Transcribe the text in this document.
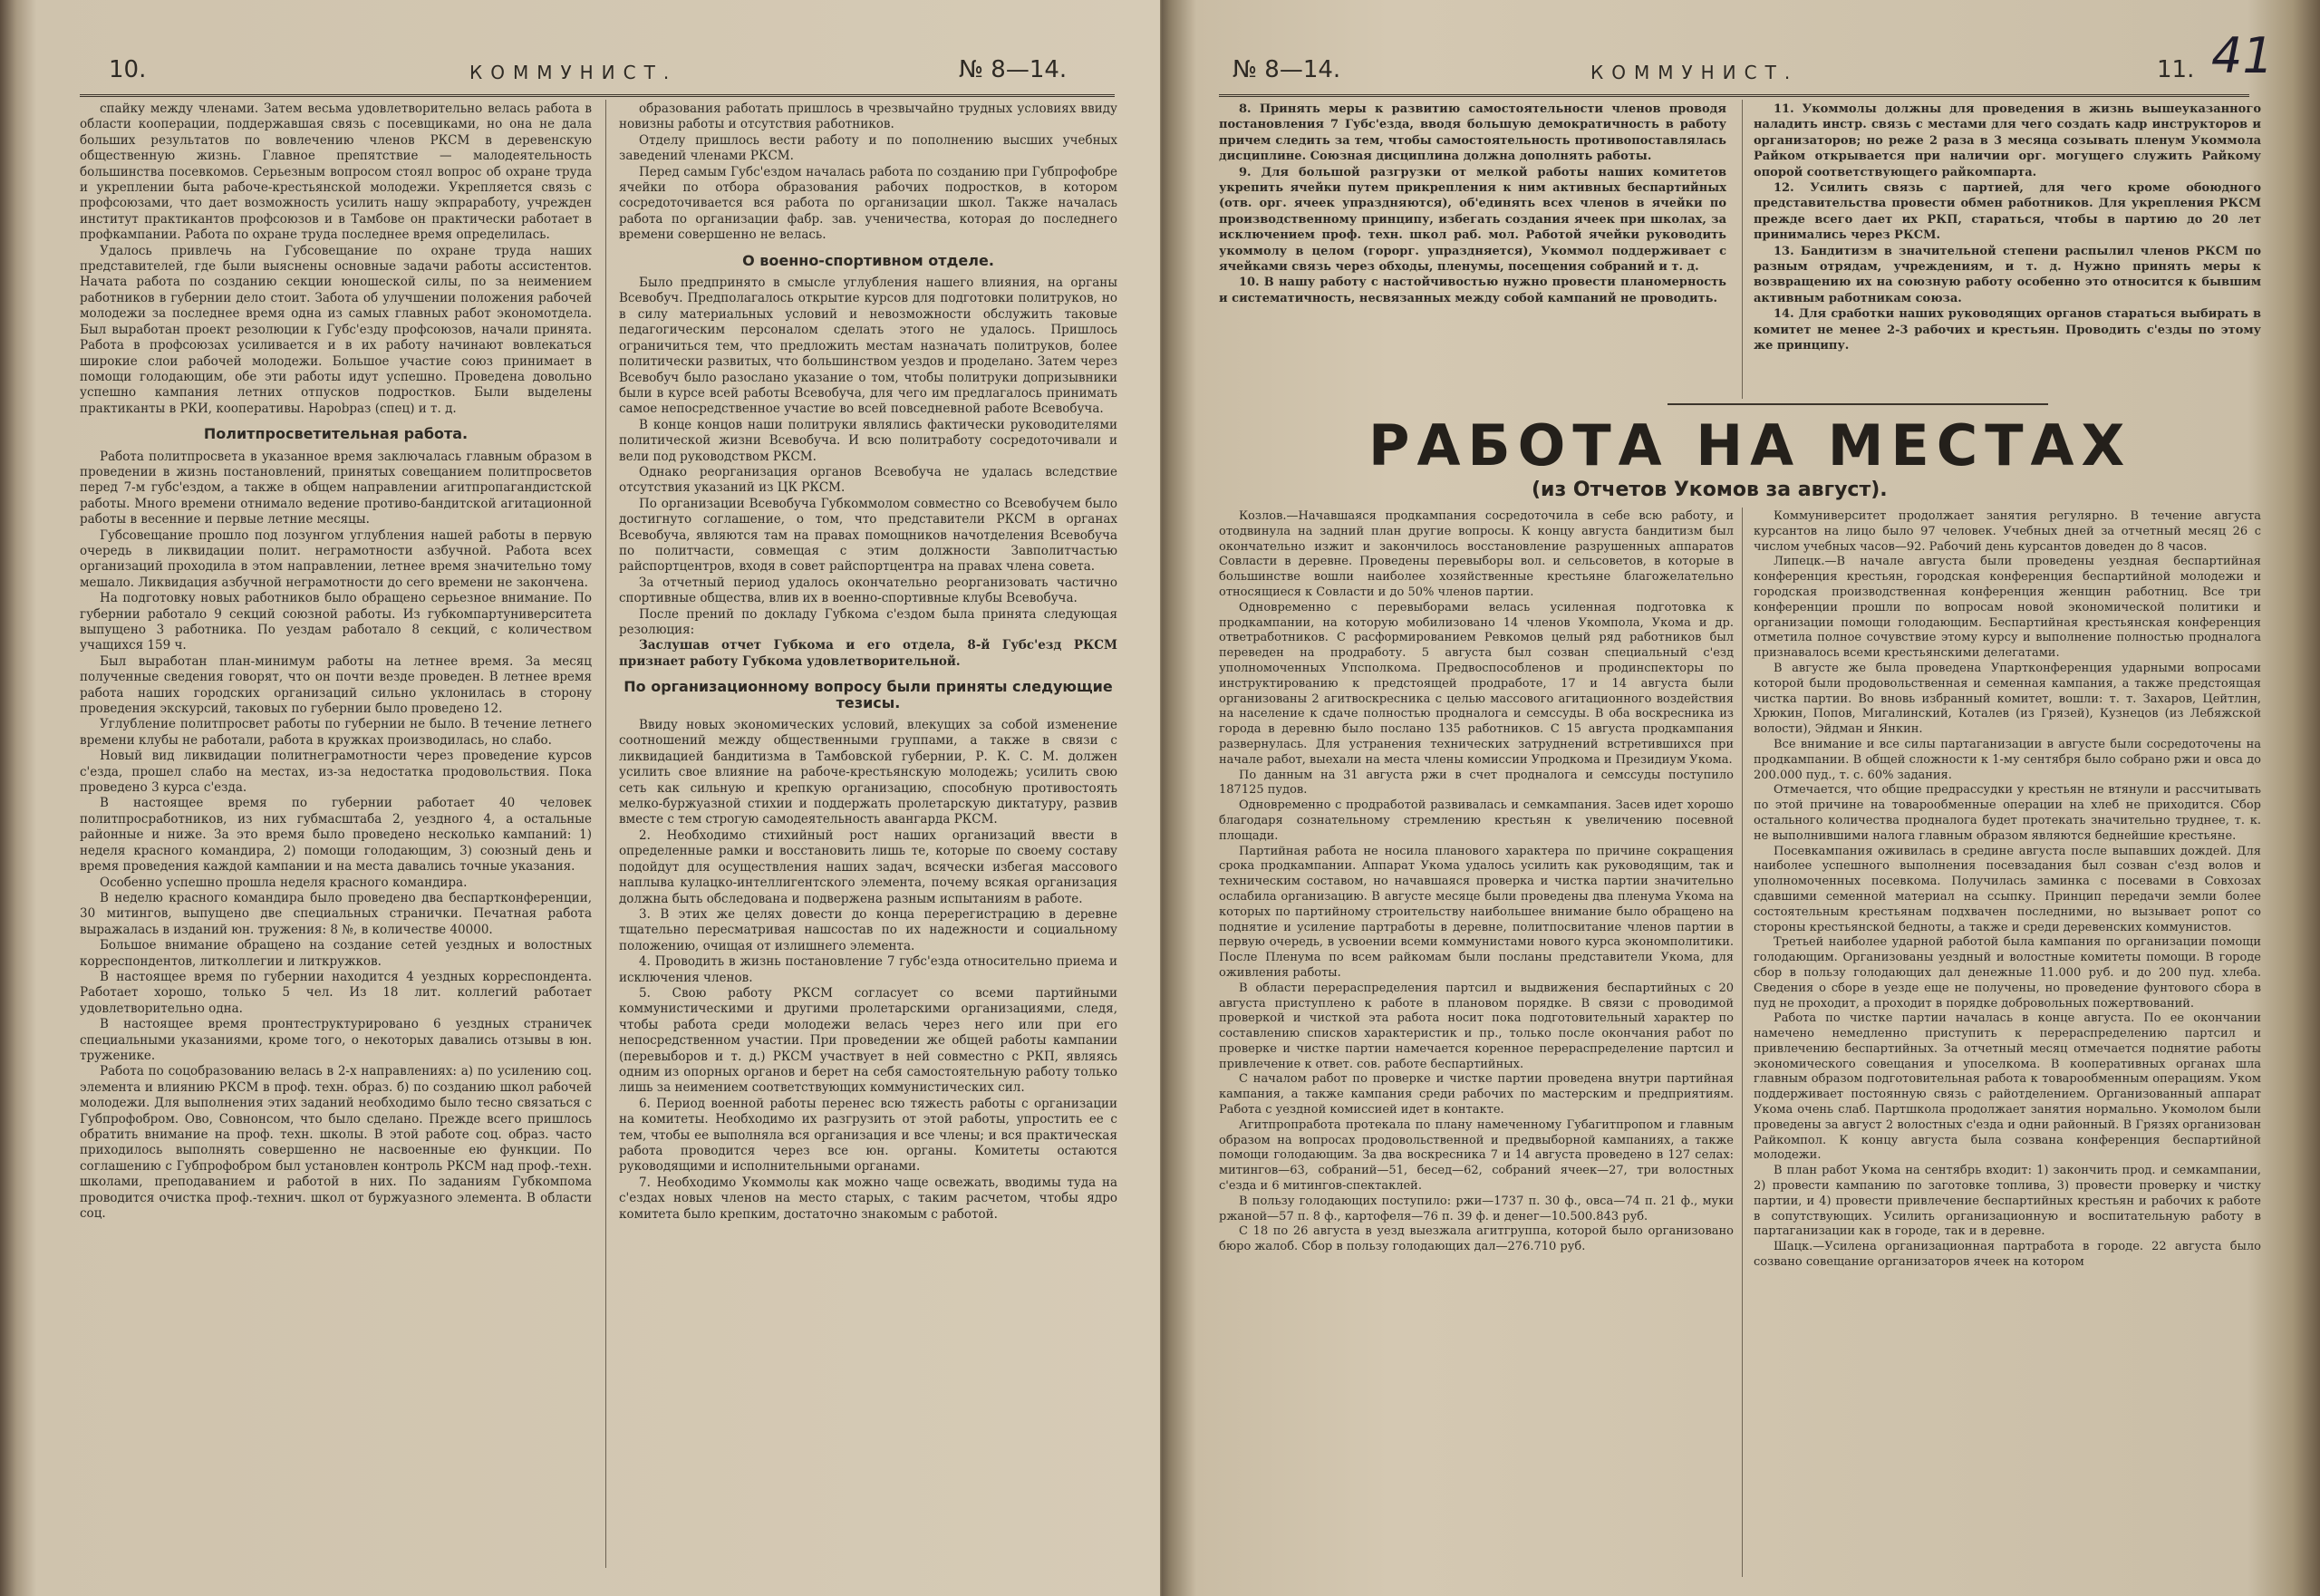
10.	КОММУНИСТ.	№ 8—14.

спайку между членами. Затем весьма удовлетворительно велась работа в области кооперации, поддержавшая связь с посевщиками, но она не дала больших результатов по вовлечению членов РКСМ в деревенскую общественную жизнь. Главное препятствие — малодеятельность большинства посевкомов. Серьезным вопросом стоял вопрос об охране труда и укреплении быта рабоче-крестьянской молодежи. Укрепляется связь с профсоюзами, что дает возможность усилить нашу экпраработу, учрежден институт практикантов профсоюзов и в Тамбове он практически работает в профкампании. Работа по охране труда последнее время определилась.

Удалось привлечь на Губсовещание по охране труда наших представителей, где были выяснены основные задачи работы ассистентов. Начата работа по созданию секции юношеской силы, по за неимением работников в губернии дело стоит. Забота об улучшении положения рабочей молодежи за последнее время одна из самых главных работ экономотдела. Был выработан проект резолюции к Губс'езду профсоюзов, начали принята. Работа в профсоюзах усиливается и в их работу начинают вовлекаться широкие слои рабочей молодежи. Большое участие союз принимает в помощи голодающим, обе эти работы идут успешно. Проведена довольно успешно кампания летних отпусков подростков. Были выделены практиканты в РКИ, кооперативы. Нарobраз (спец) и т. д.

Политпросветительная работа.

Работа политпросвета в указанное время заключалась главным образом в проведении в жизнь постановлений, принятых совещанием политпросветов перед 7-м губс'ездом, а также в общем направлении агитпропагандистской работы. Много времени отнимало ведение противо-бандитской агитационной работы в весенние и первые летние месяцы.

Губсовещание прошло под лозунгом углубления нашей работы в первую очередь в ликвидации полит. неграмотности азбучной. Работа всех организаций проходила в этом направлении, летнее время значительно тому мешало. Ликвидация азбучной неграмотности до сего времени не закончена.

На подготовку новых работников было обращено серьезное внимание. По губернии работало 9 секций союзной работы. Из губкомпартуниверситета выпущено 3 работника. По уездам работало 8 секций, с количеством учащихся 159 ч.

Был выработан план-минимум работы на летнее время. За месяц полученные сведения говорят, что он почти везде проведен. В летнее время работа наших городских организаций сильно уклонилась в сторону проведения экскурсий, таковых по губернии было проведено 12.

Углубление политпросвет работы по губернии не было. В течение летнего времени клубы не работали, работа в кружках производилась, но слабо.

Новый вид ликвидации политнеграмотности через проведение курсов с'езда, прошел слабо на местах, из-за недостатка продовольствия. Пока проведено 3 курса с'езда.

В настоящее время по губернии работает 40 человек политпросработников, из них губмасштаба 2, уездного 4, а остальные районные и ниже. За это время было проведено несколько кампаний: 1) неделя красного командира, 2) помощи голодающим, 3) союзный день и время проведения каждой кампании и на места давались точные указания.

Особенно успешно прошла неделя красного командира.

В неделю красного командира было проведено два беспартконференции, 30 митингов, выпущено две специальных странички. Печатная работа выражалась в изданий юн. тружения: 8 №, в количестве 40000.

Большое внимание обращено на создание сетей уездных и волостных корреспондентов, литколлегии и литкружков.

В настоящее время по губернии находится 4 уездных корреспондента. Работает хорошо, только 5 чел. Из 18 лит. коллегий работает удовлетворительно одна.

В настоящее время пронтеструктурировано 6 уездных страничек специальными указаниями, кроме того, о некоторых давались отзывы в юн. труженике.

Работа по соцобразованию велась в 2-х направлениях: а) по усилению соц. элемента и влиянию РКСМ в проф. техн. образ. б) по созданию школ рабочей молодежи. Для выполнения этих заданий необходимо было тесно связаться с Губпрофобром. Ово, Совнонсом, что было сделано. Прежде всего пришлось обратить внимание на проф. техн. школы. В этой работе соц. образ. часто приходилось выполнять совершенно не насвоенные ею функции. По соглашению с Губпрофобром был установлен контроль РКСМ над проф.-техн. школами, преподаванием и работой в них. По заданиям Губкомпома проводится очистка проф.-технич. школ от буржуазного элемента. В области соц.

образования работать пришлось в чрезвычайно трудных условиях ввиду новизны работы и отсутствия работников.

Отделу пришлось вести работу и по пополнению высших учебных заведений членами РКСМ.

Перед самым Губс'ездом началась работа по созданию при Губпрофобре ячейки по отбора образования рабочих подростков, в котором сосредоточивается вся работа по организации школ. Также началась работа по организации фабр. зав. ученичества, которая до последнего времени совершенно не велась.

О военно-спортивном отделе.

Было предпринято в смысле углубления нашего влияния, на органы Всевобуч. Предполагалось открытие курсов для подготовки политруков, но в силу материальных условий и невозможности обслужить таковые педагогическим персоналом сделать этого не удалось. Пришлось ограничиться тем, что предложить местам назначать политруков, более политически развитых, что большинством уездов и проделано. Затем через Всевобуч было разослано указание о том, чтобы политруки допризывники были в курсе всей работы Всевобуча, для чего им предлагалось принимать самое непосредственное участие во всей повседневной работе Всевобуча.

В конце концов наши политруки являлись фактически руководителями политической жизни Всевобуча. И всю политработу сосредоточивали и вели под руководством РКСМ.

Однако реорганизация органов Всевобуча не удалась вследствие отсутствия указаний из ЦК РКСМ.

По организации Всевобуча Губкоммолом совместно со Всевобучем было достигнуто соглашение, о том, что представители РКСМ в органах Всевобуча, являются там на правах помощников начотделения Всевобуча по политчасти, совмещая с этим должности Завполитчастью райспортцентров, входя в совет райспортцентра на правах члена совета.

За отчетный период удалось окончательно реорганизовать частично спортивные общества, влив их в военно-спортивные клубы Всевобуча.

После прений по докладу Губкома с'ездом была принята следующая резолюция:

Заслушав отчет Губкома и его отдела, 8-й Губс'езд РКСМ признает работу Губкома удовлетворительной.

По организационному вопросу были приняты следующие тезисы.

Ввиду новых экономических условий, влекущих за собой изменение соотношений между общественными группами, а также в связи с ликвидацией бандитизма в Тамбовской губернии, Р. К. С. М. должен усилить свое влияние на рабоче-крестьянскую молодежь; усилить свою сеть как сильную и крепкую организацию, способную противостоять мелко-буржуазной стихии и поддержать пролетарскую диктатуру, развив вместе с тем строгую самодеятельность авангарда РКСМ.

2. Необходимо стихийный рост наших организаций ввести в определенные рамки и восстановить лишь те, которые по своему составу подойдут для осуществления наших задач, всячески избегая массового наплыва кулацко-интеллигентского элемента, почему всякая организация должна быть обследована и подвержена разным испытаниям в работе.

3. В этих же целях довести до конца перерегистрацию в деревне тщательно пересматривая нашсостав по их надежности и социальному положению, очищая от излишнего элемента.

4. Проводить в жизнь постановление 7 губс'езда относительно приема и исключения членов.

5. Свою работу РКСМ согласует со всеми партийными коммунистическими и другими пролетарскими организациями, следя, чтобы работа среди молодежи велась через него или при его непосредственном участии. При проведении же общей работы кампании (перевыборов и т. д.) РКСМ участвует в ней совместно с РКП, являясь одним из опорных органов и берет на себя самостоятельную работу только лишь за неимением соответствующих коммунистических сил.

6. Период военной работы перенес всю тяжесть работы с организации на комитеты. Необходимо их разгрузить от этой работы, упростить ее с тем, чтобы ее выполняла вся организация и все члены; и вся практическая работа проводится через все юн. органы. Комитеты остаются руководящими и исполнительными органами.

7. Необходимо Укоммолы как можно чаще освежать, вводимы туда на с'ездах новых членов на место старых, с таким расчетом, чтобы ядро комитета было крепким, достаточно знакомым с работой.

№ 8—14.	КОММУНИСТ.	11. 41

8. Принять меры к развитию самостоятельности членов проводя постановления 7 Губс'езда, вводя большую демократичность в работу причем следить за тем, чтобы самостоятельность противопоставлялась дисциплине. Союзная дисциплина должна дополнять работы.

9. Для большой разгрузки от мелкой работы наших комитетов укрепить ячейки путем прикрепления к ним активных беспартийных (отв. орг. ячеек упраздняются), об'единять всех членов в ячейки по производственному принципу, избегать создания ячеек при школах, за исключением проф. техн. школ раб. мол. Работой ячейки руководить укоммолу в целом (горорг. упраздняется), Укоммол поддерживает с ячейками связь через обходы, пленумы, посещения собраний и т. д.

10. В нашу работу с настойчивостью нужно провести планомерность и систематичность, несвязанных между собой кампаний не проводить.

11. Укоммолы должны для проведения в жизнь вышеуказанного наладить инстр. связь с местами для чего создать кадр инструкторов и организаторов; но реже 2 раза в 3 месяца созывать пленум Укоммола Райком открывается при наличии орг. могущего служить Райкому опорой соответствующего райкомпарта.

12. Усилить связь с партией, для чего кроме обоюдного представительства провести обмен работников. Для укрепления РКСМ прежде всего дает их РКП, стараться, чтобы в партию до 20 лет принимались через РКСМ.

13. Бандитизм в значительной степени распылил членов РКСМ по разным отрядам, учреждениям, и т. д. Нужно принять меры к возвращению их на союзную работу особенно это относится к бывшим активным работникам союза.

14. Для сработки наших руководящих органов стараться выбирать в комитет не менее 2-3 рабочих и крестьян. Проводить с'езды по этому же принципу.

РАБОТА НА МЕСТАХ
(из Отчетов Укомов за август).

Козлов.—Начавшаяся продкампания сосредоточила в себе всю работу, и отодвинула на задний план другие вопросы. К концу августа бандитизм был окончательно изжит и закончилось восстановление разрушенных аппаратов Совласти в деревне. Проведены перевыборы вол. и сельсоветов, в которые в большинстве вошли наиболее хозяйственные крестьяне благожелательно относящиеся к Совласти и до 50% членов партии.

Одновременно с перевыборами велась усиленная подготовка к продкампании, на которую мобилизовано 14 членов Укомпола, Укома и др. ответработников. С расформированием Ревкомов целый ряд работников был переведен на продработу. 5 августа был созван специальный с'езд уполномоченных Упсполкома. Предвоспособленов и продинспекторы по инструктированию к предстоящей продработе, 17 и 14 августа были организованы 2 агитвоскресника с целью массового агитационного воздействия на население к сдаче полностью продналога и семссуды. В оба воскресника из города в деревню было послано 135 работников. С 15 августа продкампания развернулась. Для устранения технических затруднений встретившихся при начале работ, выехали на места члены комиссии Упродкома и Президиум Укома.

По данным на 31 августа ржи в счет продналога и семссуды поступило 187125 пудов.

Одновременно с продработой развивалась и семкампания. Засев идет хорошо благодаря сознательному стремлению крестьян к увеличению посевной площади.

Партийная работа не носила планового характера по причине сокращения срока продкампании. Аппарат Укома удалось усилить как руководящим, так и техническим составом, но начавшаяся проверка и чистка партии значительно ослабила организацию. В августе месяце были проведены два пленума Укома на которых по партийному строительству наибольшее внимание было обращено на поднятие и усиление партработы в деревне, политпосвитание членов партии в первую очередь, в усвоении всеми коммунистами нового курса экономполитики. После Пленума по всем райкомам были посланы представители Укома, для оживления работы.

В области перераспределения партсил и выдвижения беспартийных с 20 августа приступлено к работе в плановом порядке. В связи с проводимой проверкой и чисткой эта работа носит пока подготовительный характер по составлению списков характеристик и пр., только после окончания работ по проверке и чистке партии намечается коренное перераспределение партсил и привлечение к ответ. сов. работе беспартийных.

С началом работ по проверке и чистке партии проведена внутри партийная кампания, а также кампания среди рабочих по мастерским и предприятиям. Работа с уездной комиссией идет в контакте.

Агитпропработа протекала по плану намеченному Губагитпропом и главным образом на вопросах продовольственной и предвыборной кампаниях, а также помощи голодающим. За два воскресника 7 и 14 августа проведено в 127 селах: митингов—63, собраний—51, бесед—62, собраний ячеек—27, три волостных с'езда и 6 митингов-спектаклей.

В пользу голодающих поступило: ржи—1737 п. 30 ф., овса—74 п. 21 ф., муки ржаной—57 п. 8 ф., картофеля—76 п. 39 ф. и денег—10.500.843 руб.

С 18 по 26 августа в уезд выезжала агитгруппа, которой было организовано бюро жалоб. Сбор в пользу голодающих дал—276.710 руб.

Коммуниверситет продолжает занятия регулярно. В течение августа курсантов на лицо было 97 человек. Учебных дней за отчетный месяц 26 с числом учебных часов—92. Рабочий день курсантов доведен до 8 часов.

Липецк.—В начале августа были проведены уездная беспартийная конференция крестьян, городская конференция беспартийной молодежи и городская производственная конференция женщин работниц. Все три конференции прошли по вопросам новой экономической политики и организации помощи голодающим. Беспартийная крестьянская конференция отметила полное сочувствие этому курсу и выполнение полностью продналога признавалось всеми крестьянскими делегатами.

В августе же была проведена Упартконференция ударными вопросами которой были продовольственная и семенная кампания, а также предстоящая чистка партии. Во вновь избранный комитет, вошли: т. т. Захаров, Цейтлин, Хрюкин, Попов, Мигалинский, Коталев (из Грязей), Кузнецов (из Лебяжской волости), Эйдман и Янкин.

Все внимание и все силы партаганизации в августе были сосредоточены на продкампании. В общей сложности к 1-му сентября было собрано ржи и овса до 200.000 пуд., т. с. 60% задания.

Отмечается, что общие предрассудки у крестьян не втянули и рассчитывать по этой причине на товарообменные операции на хлеб не приходится. Сбор остального количества продналога будет протекать значительно труднее, т. к. не выполнившими налога главным образом являются беднейшие крестьяне.

Посевкампания оживилась в средине августа после выпавших дождей. Для наиболее успешного выполнения посевзадания был созван с'езд волов и уполномоченных посевкома. Получилась заминка с посевами в Совхозах сдавшими семенной материал на ссыпку. Принцип передачи земли более состоятельным крестьянам подхвачен последними, но вызывает ропот со стороны крестьянской бедноты, а также и среди деревенских коммунистов.

Третьей наиболее ударной работой была кампания по организации помощи голодающим. Организованы уездный и волостные комитеты помощи. В городе сбор в пользу голодающих дал денежные 11.000 руб. и до 200 пуд. хлеба. Сведения о сборе в уезде еще не получены, но проведение фунтового сбора в пуд не проходит, а проходит в порядке добровольных пожертвований.

Работа по чистке партии началась в конце августа. По ее окончании намечено немедленно приступить к перераспределению партсил и привлечению беспартийных. За отчетный месяц отмечается поднятие работы экономического совещания и упоселкома. В кооперативных органах шла главным образом подготовительная работа к товарообменным операциям. Уком поддерживает постоянную связь с райотделением. Организованный аппарат Укома очень слаб. Партшкола продолжает занятия нормально. Укомолом были проведены за август 2 волостных с'езда и одни районный. В Грязях организован Райкомпол. К концу августа была созвана конференция беспартийной молодежи.

В план работ Укома на сентябрь входит: 1) закончить прод. и семкампании, 2) провести кампанию по заготовке топлива, 3) провести проверку и чистку партии, и 4) провести привлечение беспартийных крестьян и рабочих к работе в сопутствующих. Усилить организационную и воспитательную работу в партаганизации как в городе, так и в деревне.

Шацк.—Усилена организационная партработа в городе. 22 августа было созвано совещание организаторов ячеек на котором
